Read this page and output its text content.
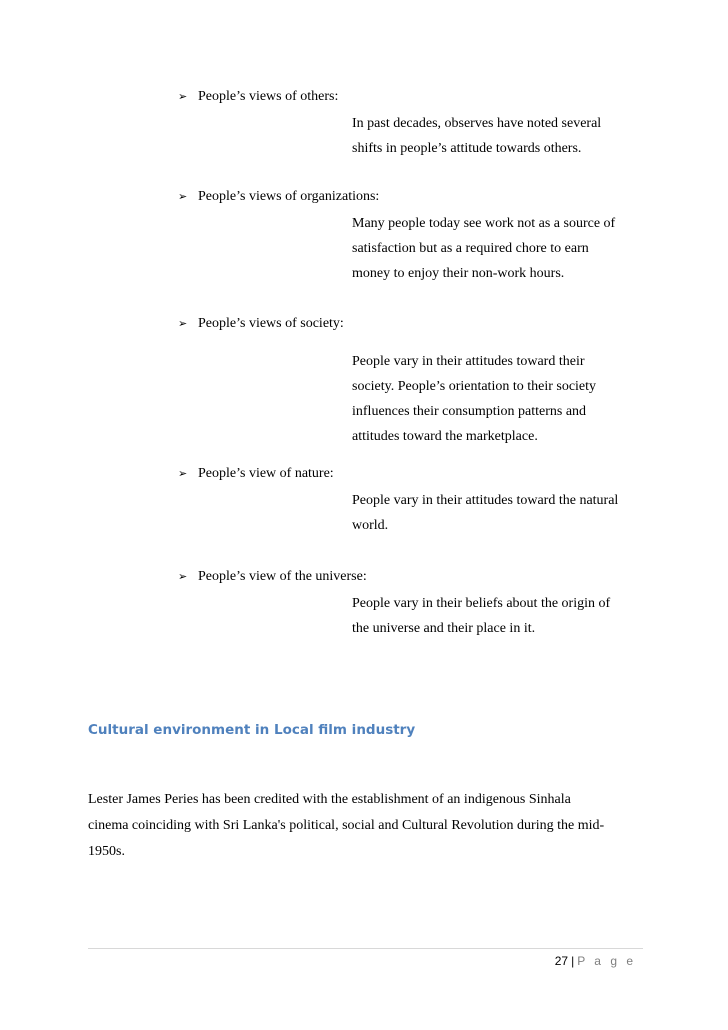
➢ People’s views of others:
In past decades, observes have noted several
shifts in people’s attitude towards others.
➢ People’s views of organizations:
Many people today see work not as a source of
satisfaction but as a required chore to earn
money to enjoy their non-work hours.
➢ People’s views of society:
People vary in their attitudes toward their
society. People’s orientation to their society
influences their consumption patterns and
attitudes toward the marketplace.
➢ People’s view of nature:
People vary in their attitudes toward the natural
world.
➢ People’s view of the universe:
People vary in their beliefs about the origin of
the universe and their place in it.
Cultural environment in Local film industry
Lester James Peries has been credited with the establishment of an indigenous Sinhala
cinema coinciding with Sri Lanka's political, social and Cultural Revolution during the mid-
1950s.
27 | P a g e
